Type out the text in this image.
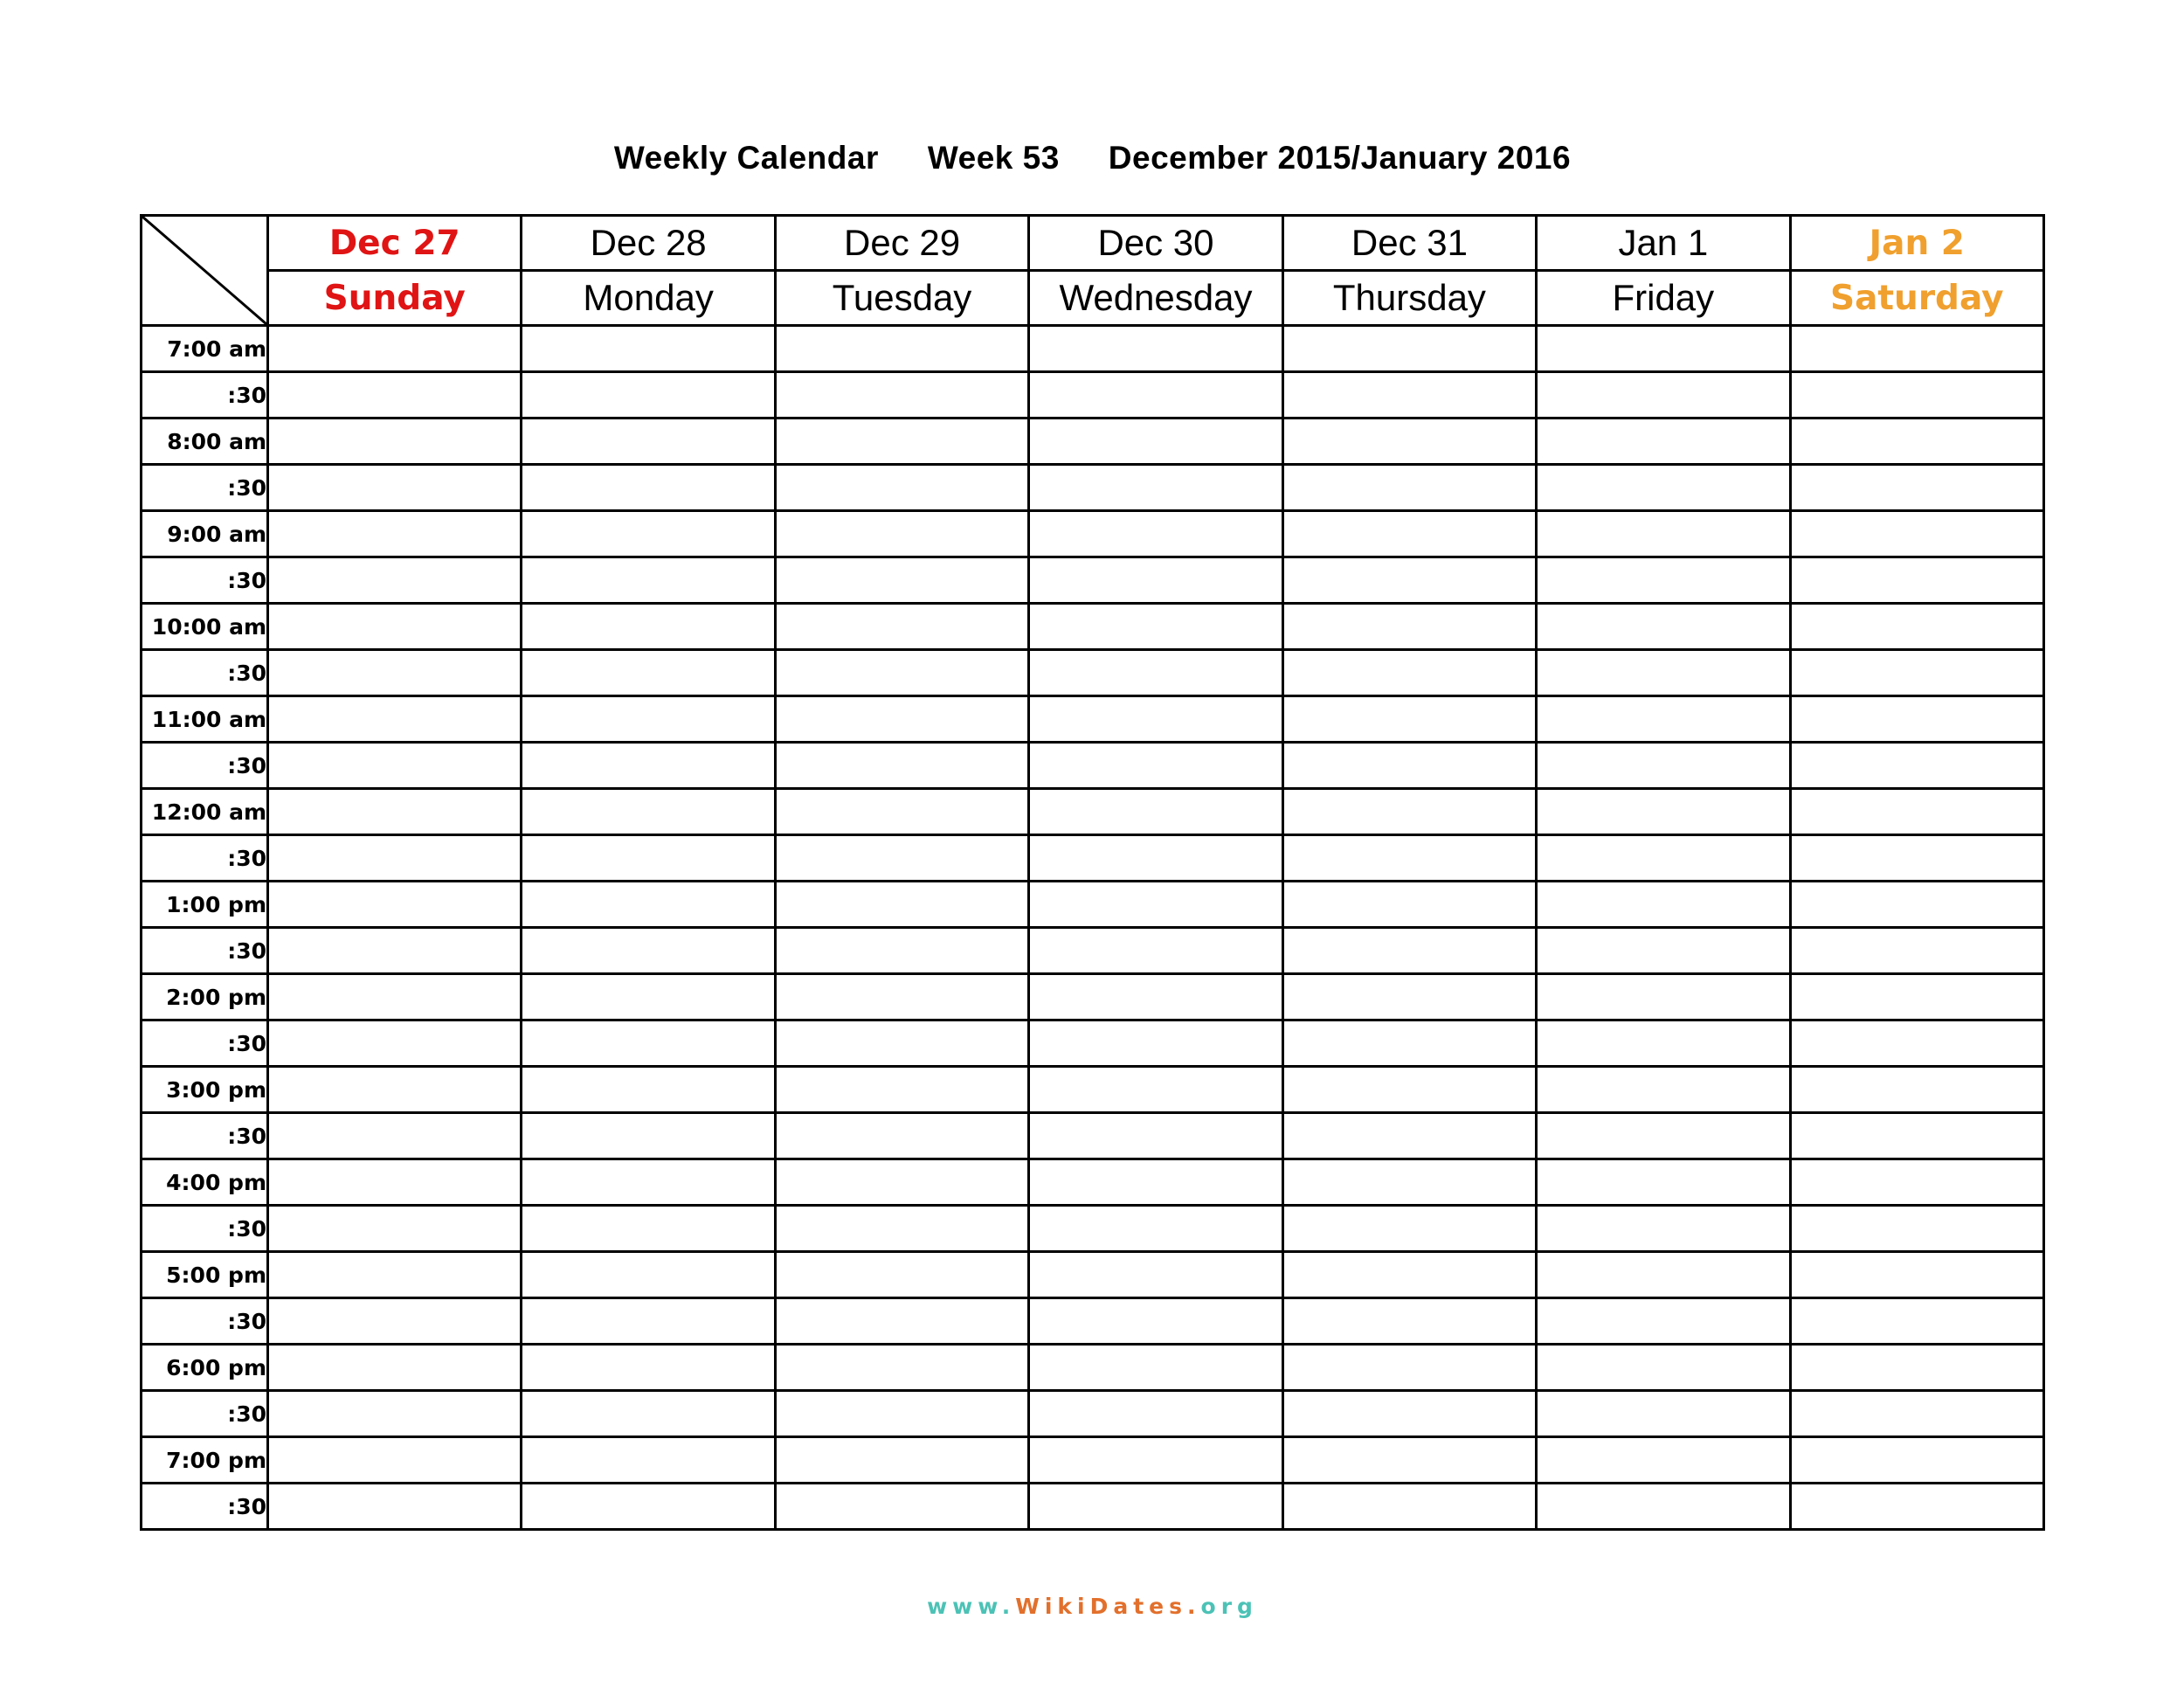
Weekly Calendar Week 53 December 2015/January 2016
	Dec 27	Dec 28	Dec 29	Dec 30	Dec 31	Jan 1	Jan 2
	Sunday	Monday	Tuesday	Wednesday	Thursday	Friday	Saturday
7:00 am							
:30							
8:00 am							
:30							
9:00 am							
:30							
10:00 am							
:30							
11:00 am							
:30							
12:00 am							
:30							
1:00 pm							
:30							
2:00 pm							
:30							
3:00 pm							
:30							
4:00 pm							
:30							
5:00 pm							
:30							
6:00 pm							
:30							
7:00 pm							
:30							
www.WikiDates.org
